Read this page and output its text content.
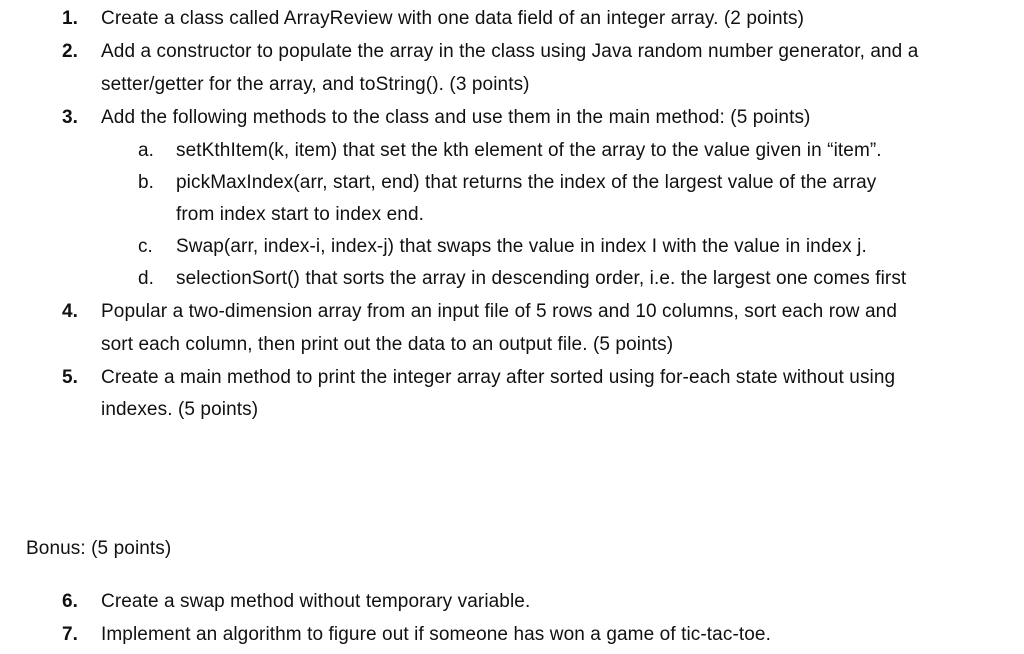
1. Create a class called ArrayReview with one data field of an integer array. (2 points)
2. Add a constructor to populate the array in the class using Java random number generator, and a
setter/getter for the array, and toString(). (3 points)
3. Add the following methods to the class and use them in the main method: (5 points)
a. setKthItem(k, item) that set the kth element of the array to the value given in “item”.
b. pickMaxIndex(arr, start, end) that returns the index of the largest value of the array
from index start to index end.
c. Swap(arr, index-i, index-j) that swaps the value in index I with the value in index j.
d. selectionSort() that sorts the array in descending order, i.e. the largest one comes first
4. Popular a two-dimension array from an input file of 5 rows and 10 columns, sort each row and
sort each column, then print out the data to an output file. (5 points)
5. Create a main method to print the integer array after sorted using for-each state without using
indexes. (5 points)
Bonus: (5 points)
6. Create a swap method without temporary variable.
7. Implement an algorithm to figure out if someone has won a game of tic-tac-toe.
